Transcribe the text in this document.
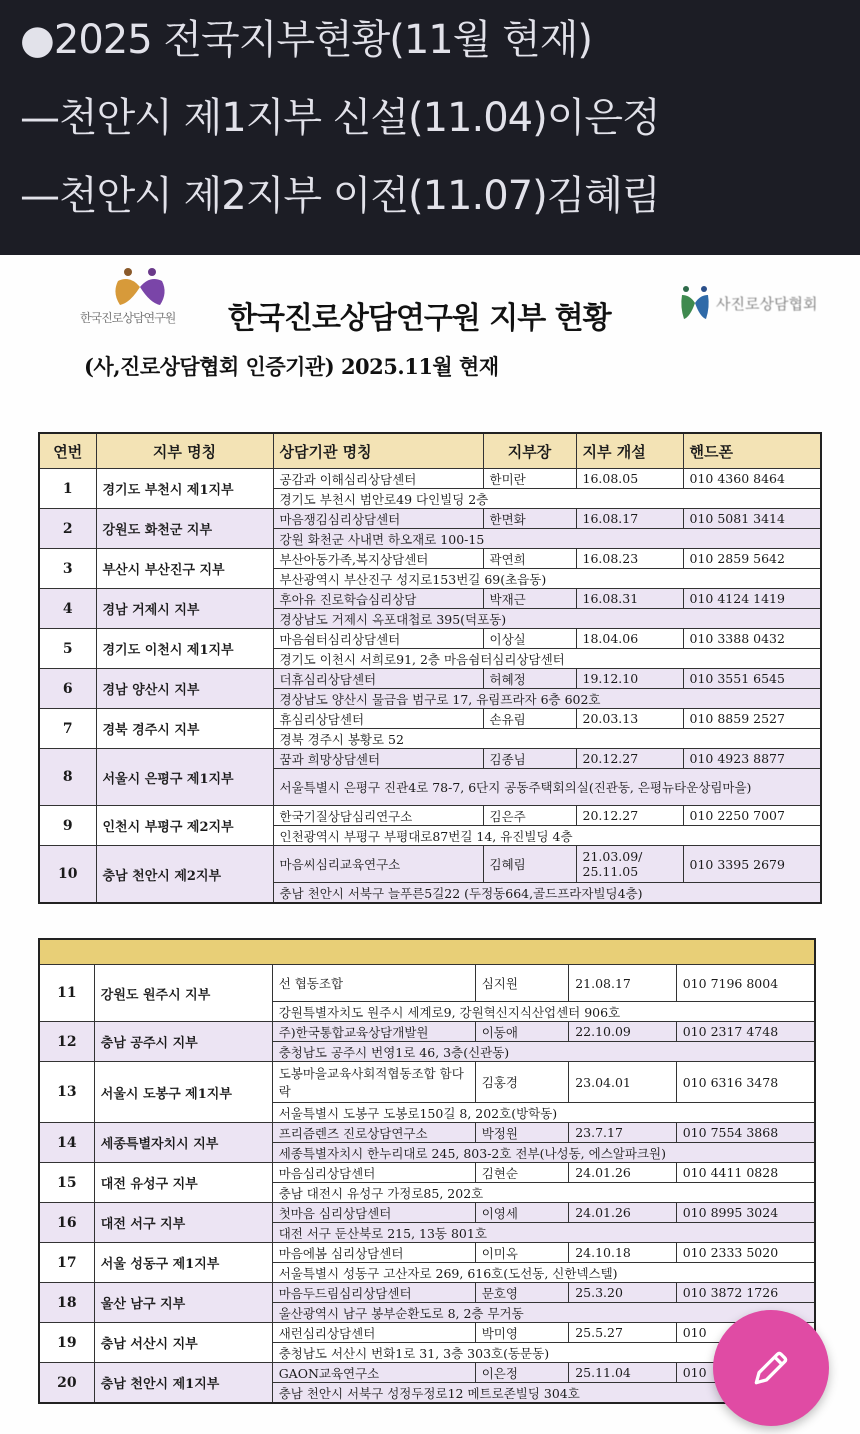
●2025 전국지부현황(11월 현재)
—천안시 제1지부 신설(11.04)이은정
—천안시 제2지부 이전(11.07)김혜림
한국진로상담연구원 한국진로상담연구원 지부 현황	사진로상담협회
(사,진로상담협회 인증기관) 2025.11월 현재
연번	지부 명칭	상담기관 명칭	지부장	지부 개설	핸드폰
1	경기도 부천시 제1지부	공감과 이해심리상담센터	한미란	16.08.05	010 4360 8464
		경기도 부천시 범안로49 다인빌딩 2층			
2	강원도 화천군 지부	마음쟁김심리상담센터	한면화	16.08.17	010 5081 3414
		강원 화천군 사내면 하오재로 100-15			
3	부산시 부산진구 지부	부산아동가족,복지상담센터	곽연희	16.08.23	010 2859 5642
		부산광역시 부산진구 성지로153번길 69(초읍동)			
4	경남 거제시 지부	후아유 진로학습심리상담	박재근	16.08.31	010 4124 1419
		경상남도 거제시 옥포대첩로 395(덕포동)			
5	경기도 이천시 제1지부	마음쉼터심리상담센터	이상실	18.04.06	010 3388 0432
		경기도 이천시 서희로91, 2층 마음쉼터심리상담센터			
6	경남 양산시 지부	더휴심리상담센터	허혜정	19.12.10	010 3551 6545
		경상남도 양산시 물금읍 범구로 17, 유림프라자 6층 602호			
7	경북 경주시 지부	휴심리상담센터	손유림	20.03.13	010 8859 2527
		경북 경주시 봉황로 52			
8	서울시 은평구 제1지부	꿈과 희망상담센터	김종님	20.12.27	010 4923 8877
		서울특별시 은평구 진관4로 78-7, 6단지 공동주택회의실(진관동, 은평뉴타운상림마을)			
9	인천시 부평구 제2지부	한국기질상담심리연구소	김은주	20.12.27	010 2250 7007
		인천광역시 부평구 부평대로87번길 14, 유진빌딩 4층			
10	충남 천안시 제2지부	마음씨심리교육연구소	김혜림	21.03.09/ 25.11.05	010 3395 2679
		충남 천안시 서북구 늘푸른5길22 (두정동664,골드프라자빌딩4층)			

11	강원도 원주시 지부	선 협동조합	심지원	21.08.17	010 7196 8004
		강원특별자치도 원주시 세계로9, 강원혁신지식산업센터 906호			
12	충남 공주시 지부	주)한국통합교육상담개발원	이동애	22.10.09	010 2317 4748
		충청남도 공주시 번영1로 46, 3층(신관동)			
13	서울시 도봉구 제1지부	도봉마을교육사회적협동조합 함다락	김홍경	23.04.01	010 6316 3478
		서울특별시 도봉구 도봉로150길 8, 202호(방학동)			
14	세종특별자치시 지부	프리즘렌즈 진로상담연구소	박정원	23.7.17	010 7554 3868
		세종특별자치시 한누리대로 245, 803-2호 전부(나성동, 에스알파크원)			
15	대전 유성구 지부	마음심리상담센터	김현순	24.01.26	010 4411 0828
		충남 대전시 유성구 가정로85, 202호			
16	대전 서구 지부	첫마음 심리상담센터	이영세	24.01.26	010 8995 3024
		대전 서구 둔산북로 215, 13동 801호			
17	서울 성동구 제1지부	마음에봄 심리상담센터	이미옥	24.10.18	010 2333 5020
		서울특별시 성동구 고산자로 269, 616호(도선동, 신한넥스텔)			
18	울산 남구 지부	마음두드림심리상담센터	문호영	25.3.20	010 3872 1726
		울산광역시 남구 봉부순환도로 8, 2층 무거동			
19	충남 서산시 지부	새런심리상담센터	박미영	25.5.27	010
		충청남도 서산시 번화1로 31, 3층 303호(동문동)			
20	충남 천안시 제1지부	GAON교육연구소	이은정	25.11.04	010
		충남 천안시 서북구 성정두정로12 메트로존빌딩 304호			
